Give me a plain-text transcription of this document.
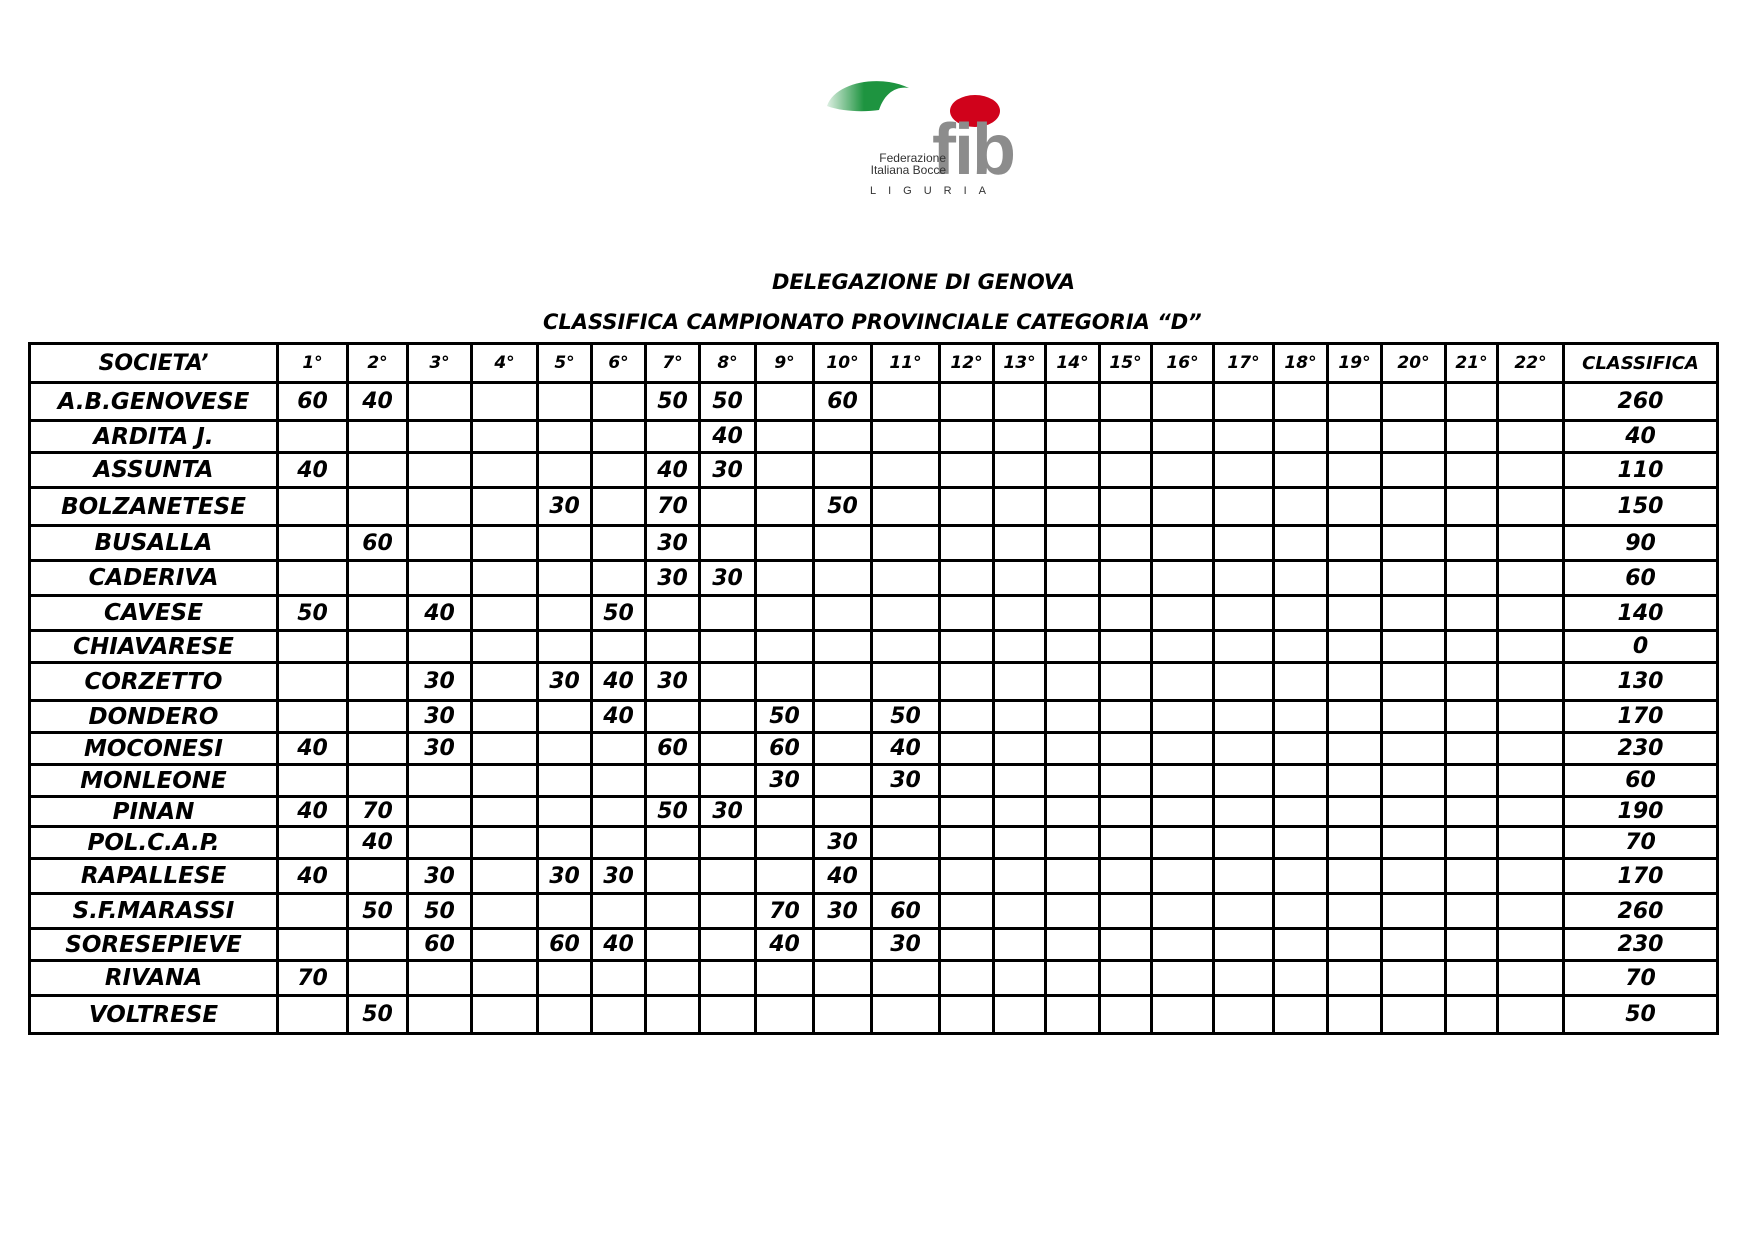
fib
Federazione
Italiana Bocce
LIGURIA
DELEGAZIONE DI GENOVA
CLASSIFICA CAMPIONATO PROVINCIALE CATEGORIA “D”
SOCIETA’	1°	2°	3°	4°	5°	6°	7°	8°	9°	10°	11°	12°	13°	14°	15°	16°	17°	18°	19°	20°	21°	22°	CLASSIFICA
A.B.GENOVESE	60	40					50	50		60													260
ARDITA J.								40															40
ASSUNTA	40						40	30															110
BOLZANETESE					30		70			50													150
BUSALLA		60					30																90
CADERIVA							30	30															60
CAVESE	50		40			50																	140
CHIAVARESE																							0
CORZETTO			30		30	40	30																130
DONDERO			30			40			50		50												170
MOCONESI	40		30				60		60		40												230
MONLEONE									30		30												60
PINAN	40	70					50	30															190
POL.C.A.P.		40								30													70
RAPALLESE	40		30		30	30				40													170
S.F.MARASSI		50	50						70	30	60												260
SORESEPIEVE			60		60	40			40		30												230
RIVANA	70																						70
VOLTRESE		50																					50
